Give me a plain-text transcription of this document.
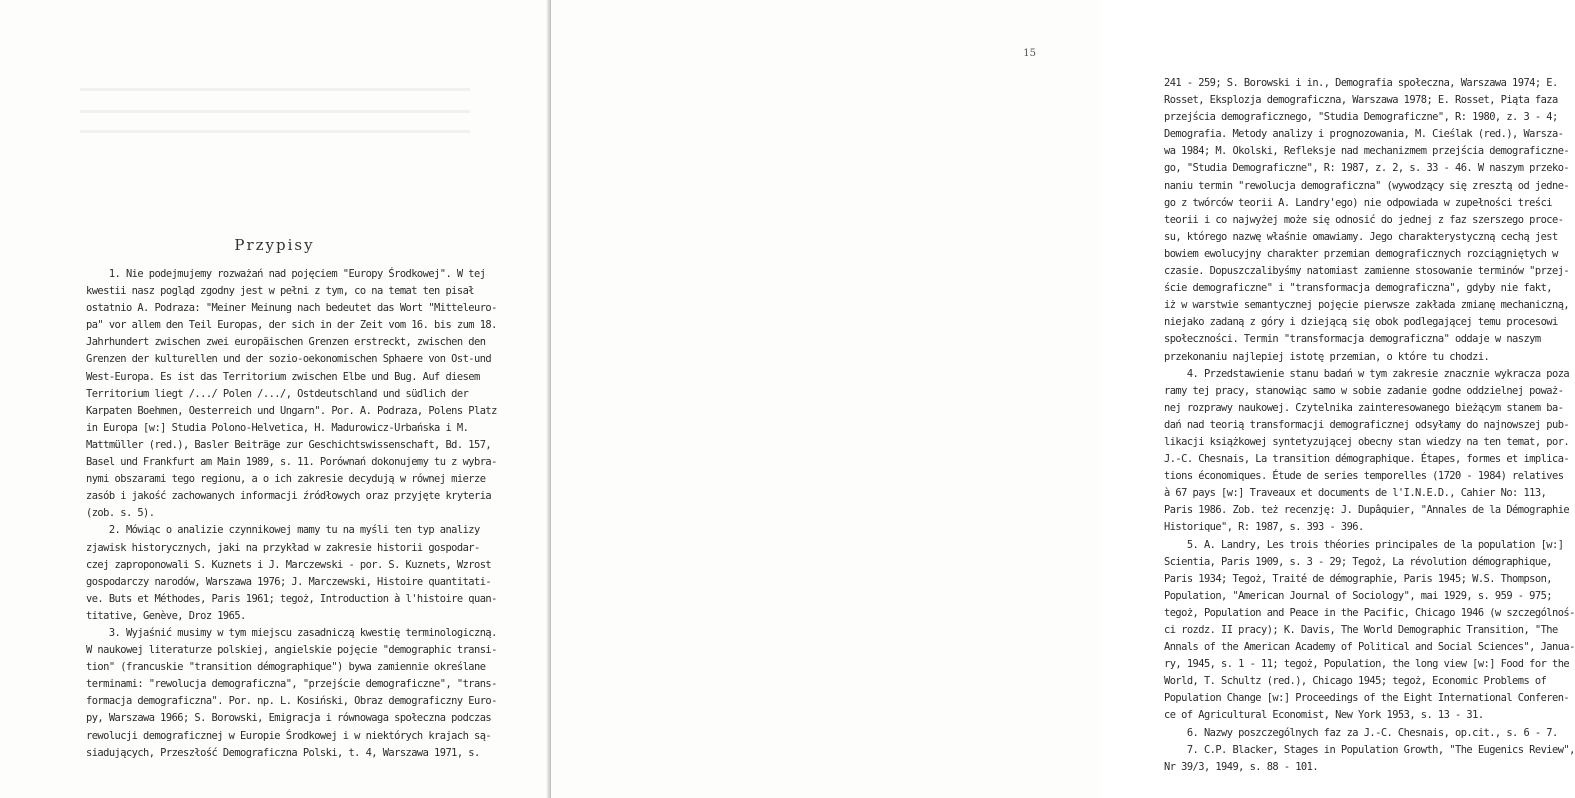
Przypisy
1. Nie podejmujemy rozważań nad pojęciem "Europy Środkowej". W tej
kwestii nasz pogląd zgodny jest w pełni z tym, co na temat ten pisał
ostatnio A. Podraza: "Meiner Meinung nach bedeutet das Wort "Mitteleuro-
pa" vor allem den Teil Europas, der sich in der Zeit vom 16. bis zum 18.
Jahrhundert zwischen zwei europäischen Grenzen erstreckt, zwischen den
Grenzen der kulturellen und der sozio-oekonomischen Sphaere von Ost-und
West-Europa. Es ist das Territorium zwischen Elbe und Bug. Auf diesem
Territorium liegt /.../ Polen /.../, Ostdeutschland und südlich der
Karpaten Boehmen, Oesterreich und Ungarn". Por. A. Podraza, Polens Platz
in Europa [w:] Studia Polono-Helvetica, H. Madurowicz-Urbańska i M.
Mattmüller (red.), Basler Beiträge zur Geschichtswissenschaft, Bd. 157,
Basel und Frankfurt am Main 1989, s. 11. Porównań dokonujemy tu z wybra-
nymi obszarami tego regionu, a o ich zakresie decydują w równej mierze
zasób i jakość zachowanych informacji źródłowych oraz przyjęte kryteria
(zob. s. 5).
2. Mówiąc o analizie czynnikowej mamy tu na myśli ten typ analizy
zjawisk historycznych, jaki na przykład w zakresie historii gospodar-
czej zaproponowali S. Kuznets i J. Marczewski - por. S. Kuznets, Wzrost
gospodarczy narodów, Warszawa 1976; J. Marczewski, Histoire quantitati-
ve. Buts et Méthodes, Paris 1961; tegoż, Introduction à l'histoire quan-
titative, Genève, Droz 1965.
3. Wyjaśnić musimy w tym miejscu zasadniczą kwestię terminologiczną.
W naukowej literaturze polskiej, angielskie pojęcie "demographic transi-
tion" (francuskie "transition démographique") bywa zamiennie określane
terminami: "rewolucja demograficzna", "przejście demograficzne", "trans-
formacja demograficzna". Por. np. L. Kosiński, Obraz demograficzny Euro-
py, Warszawa 1966; S. Borowski, Emigracja i równowaga społeczna podczas
rewolucji demograficznej w Europie Środkowej i w niektórych krajach są-
siadujących, Przeszłość Demograficzna Polski, t. 4, Warszawa 1971, s.
15
241 - 259; S. Borowski i in., Demografia społeczna, Warszawa 1974; E.
Rosset, Eksplozja demograficzna, Warszawa 1978; E. Rosset, Piąta faza
przejścia demograficznego, "Studia Demograficzne", R: 1980, z. 3 - 4;
Demografia. Metody analizy i prognozowania, M. Cieślak (red.), Warsza-
wa 1984; M. Okolski, Refleksje nad mechanizmem przejścia demograficzne-
go, "Studia Demograficzne", R: 1987, z. 2, s. 33 - 46. W naszym przeko-
naniu termin "rewolucja demograficzna" (wywodzący się zresztą od jedne-
go z twórców teorii A. Landry'ego) nie odpowiada w zupełności treści
teorii i co najwyżej może się odnosić do jednej z faz szerszego proce-
su, którego nazwę właśnie omawiamy. Jego charakterystyczną cechą jest
bowiem ewolucyjny charakter przemian demograficznych rozciągniętych w
czasie. Dopuszczalibyśmy natomiast zamienne stosowanie terminów "przej-
ście demograficzne" i "transformacja demograficzna", gdyby nie fakt,
iż w warstwie semantycznej pojęcie pierwsze zakłada zmianę mechaniczną,
niejako zadaną z góry i dziejącą się obok podlegającej temu procesowi
społeczności. Termin "transformacja demograficzna" oddaje w naszym
przekonaniu najlepiej istotę przemian, o które tu chodzi.
4. Przedstawienie stanu badań w tym zakresie znacznie wykracza poza
ramy tej pracy, stanowiąc samo w sobie zadanie godne oddzielnej poważ-
nej rozprawy naukowej. Czytelnika zainteresowanego bieżącym stanem ba-
dań nad teorią transformacji demograficznej odsyłamy do najnowszej pub-
likacji książkowej syntetyzującej obecny stan wiedzy na ten temat, por.
J.-C. Chesnais, La transition démographique. Étapes, formes et implica-
tions économiques. Étude de series temporelles (1720 - 1984) relatives
à 67 pays [w:] Traveaux et documents de l'I.N.E.D., Cahier No: 113,
Paris 1986. Zob. też recenzję: J. Dupâquier, "Annales de la Démographie
Historique", R: 1987, s. 393 - 396.
5. A. Landry, Les trois théories principales de la population [w:]
Scientia, Paris 1909, s. 3 - 29; Tegoż, La révolution démographique,
Paris 1934; Tegoż, Traité de démographie, Paris 1945; W.S. Thompson,
Population, "American Journal of Sociology", mai 1929, s. 959 - 975;
tegoż, Population and Peace in the Pacific, Chicago 1946 (w szczególnoś-
ci rozdz. II pracy); K. Davis, The World Demographic Transition, "The
Annals of the American Academy of Political and Social Sciences", Janua-
ry, 1945, s. 1 - 11; tegoż, Population, the long view [w:] Food for the
World, T. Schultz (red.), Chicago 1945; tegoż, Economic Problems of
Population Change [w:] Proceedings of the Eight International Conferen-
ce of Agricultural Economist, New York 1953, s. 13 - 31.
6. Nazwy poszczególnych faz za J.-C. Chesnais, op.cit., s. 6 - 7.
7. C.P. Blacker, Stages in Population Growth, "The Eugenics Review",
Nr 39/3, 1949, s. 88 - 101.
